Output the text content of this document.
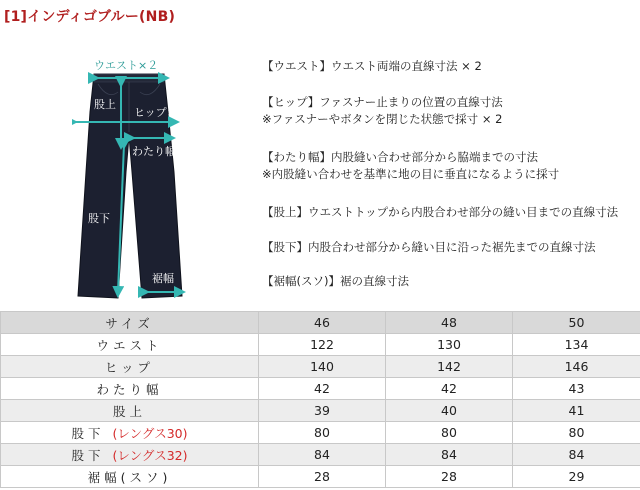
[1]インディゴブルー(NB)
ウエスト×２
股上
ヒップ×２
わたり幅
股下
裾幅
【ウエスト】ウエスト両端の直線寸法 × 2
【ヒップ】ファスナー止まりの位置の直線寸法
※ファスナーやボタンを閉じた状態で採寸 × 2
【わたり幅】内股縫い合わせ部分から脇端までの寸法
※内股縫い合わせを基準に地の目に垂直になるように採寸
【股上】ウエストトップから内股合わせ部分の縫い目までの直線寸法
【股下】内股合わせ部分から縫い目に沿った裾先までの直線寸法
【裾幅(スソ)】裾の直線寸法
サイズ	46	48	50
ウエスト	122	130	134
ヒップ	140	142	146
わたり幅	42	42	43
股上	39	40	41
股下 (レングス30)	80	80	80
股下 (レングス32)	84	84	84
裾幅(スソ)	28	28	29
